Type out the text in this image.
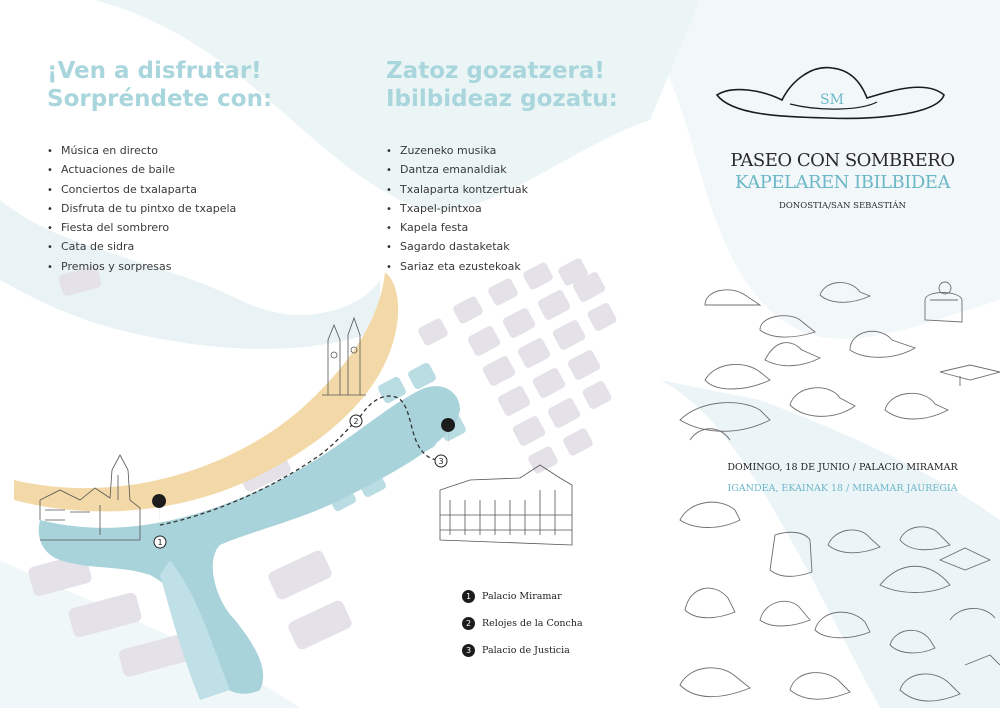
1
2
3
SM
¡Ven a disfrutar!
Sorpréndete con:
• Música en directo
• Actuaciones de baile
• Conciertos de txalaparta
• Disfruta de tu pintxo de txapela
• Fiesta del sombrero
• Cata de sidra
• Premios y sorpresas
Zatoz gozatzera!
Ibilbideaz gozatu:
• Zuzeneko musika
• Dantza emanaldiak
• Txalaparta kontzertuak
• Txapel-pintxoa
• Kapela festa
• Sagardo dastaketak
• Sariaz eta ezustekoak
1	Palacio Miramar
2	Relojes de la Concha
3	Palacio de Justicia
PASEO CON SOMBRERO
KAPELAREN IBILBIDEA
DONOSTIA/SAN SEBASTIÁN
DOMINGO, 18 DE JUNIO / PALACIO MIRAMAR
IGANDEA, EKAINAK 18 / MIRAMAR JAUREGIA
